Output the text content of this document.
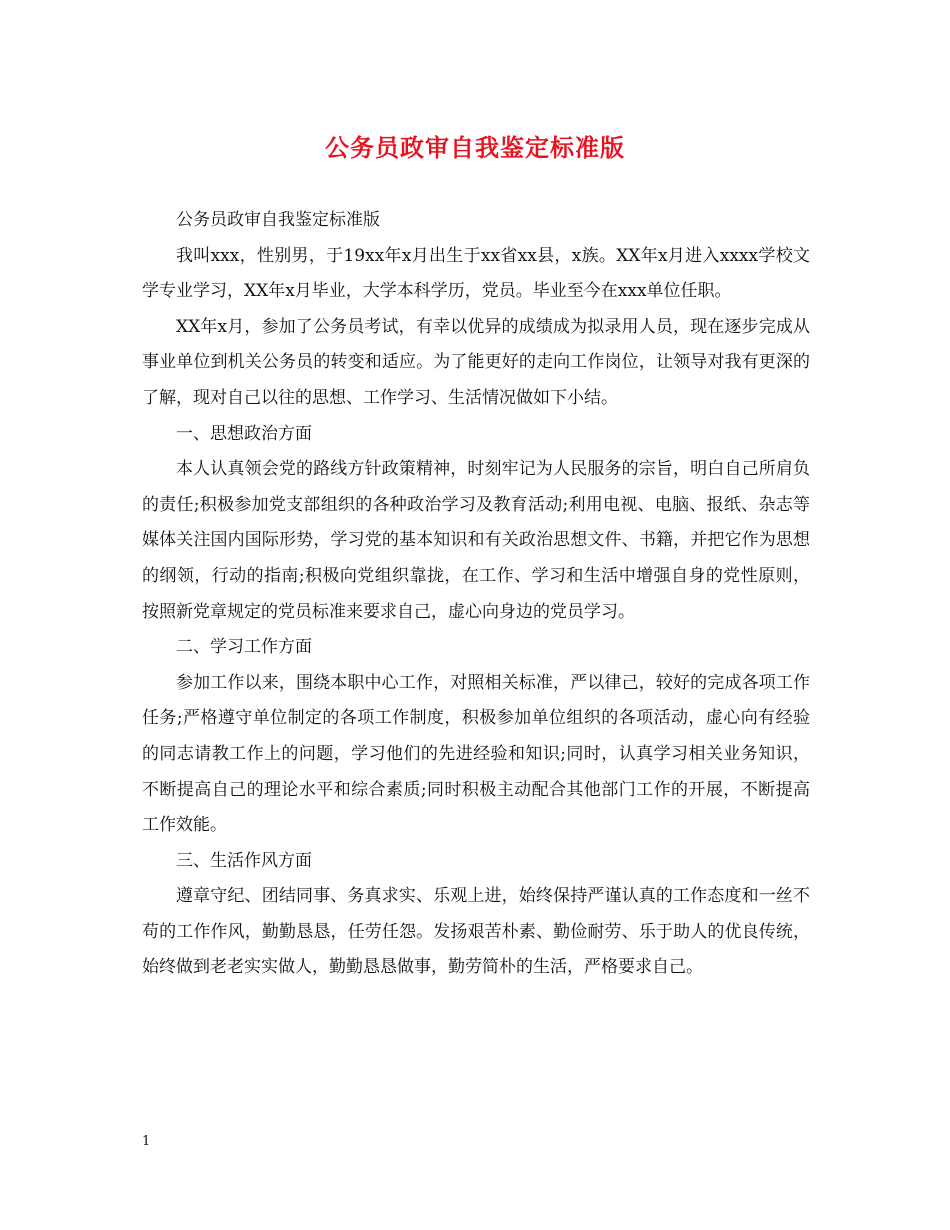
公务员政审自我鉴定标准版

公务员政审自我鉴定标准版

我叫xxx，性别男，于19xx年x月出生于xx省xx县，x族。XX年x月进入xxxx学校文学专业学习，XX年x月毕业，大学本科学历，党员。毕业至今在xxx单位任职。

XX年x月，参加了公务员考试，有幸以优异的成绩成为拟录用人员，现在逐步完成从事业单位到机关公务员的转变和适应。为了能更好的走向工作岗位，让领导对我有更深的了解，现对自己以往的思想、工作学习、生活情况做如下小结。

一、思想政治方面

本人认真领会党的路线方针政策精神，时刻牢记为人民服务的宗旨，明白自己所肩负的责任;积极参加党支部组织的各种政治学习及教育活动;利用电视、电脑、报纸、杂志等媒体关注国内国际形势，学习党的基本知识和有关政治思想文件、书籍，并把它作为思想的纲领，行动的指南;积极向党组织靠拢，在工作、学习和生活中增强自身的党性原则，按照新党章规定的党员标准来要求自己，虚心向身边的党员学习。

二、学习工作方面

参加工作以来，围绕本职中心工作，对照相关标准，严以律己，较好的完成各项工作任务;严格遵守单位制定的各项工作制度，积极参加单位组织的各项活动，虚心向有经验的同志请教工作上的问题，学习他们的先进经验和知识;同时，认真学习相关业务知识，不断提高自己的理论水平和综合素质;同时积极主动配合其他部门工作的开展，不断提高工作效能。

三、生活作风方面

遵章守纪、团结同事、务真求实、乐观上进，始终保持严谨认真的工作态度和一丝不苟的工作作风，勤勤恳恳，任劳任怨。发扬艰苦朴素、勤俭耐劳、乐于助人的优良传统，始终做到老老实实做人，勤勤恳恳做事，勤劳简朴的生活，严格要求自己。

1
